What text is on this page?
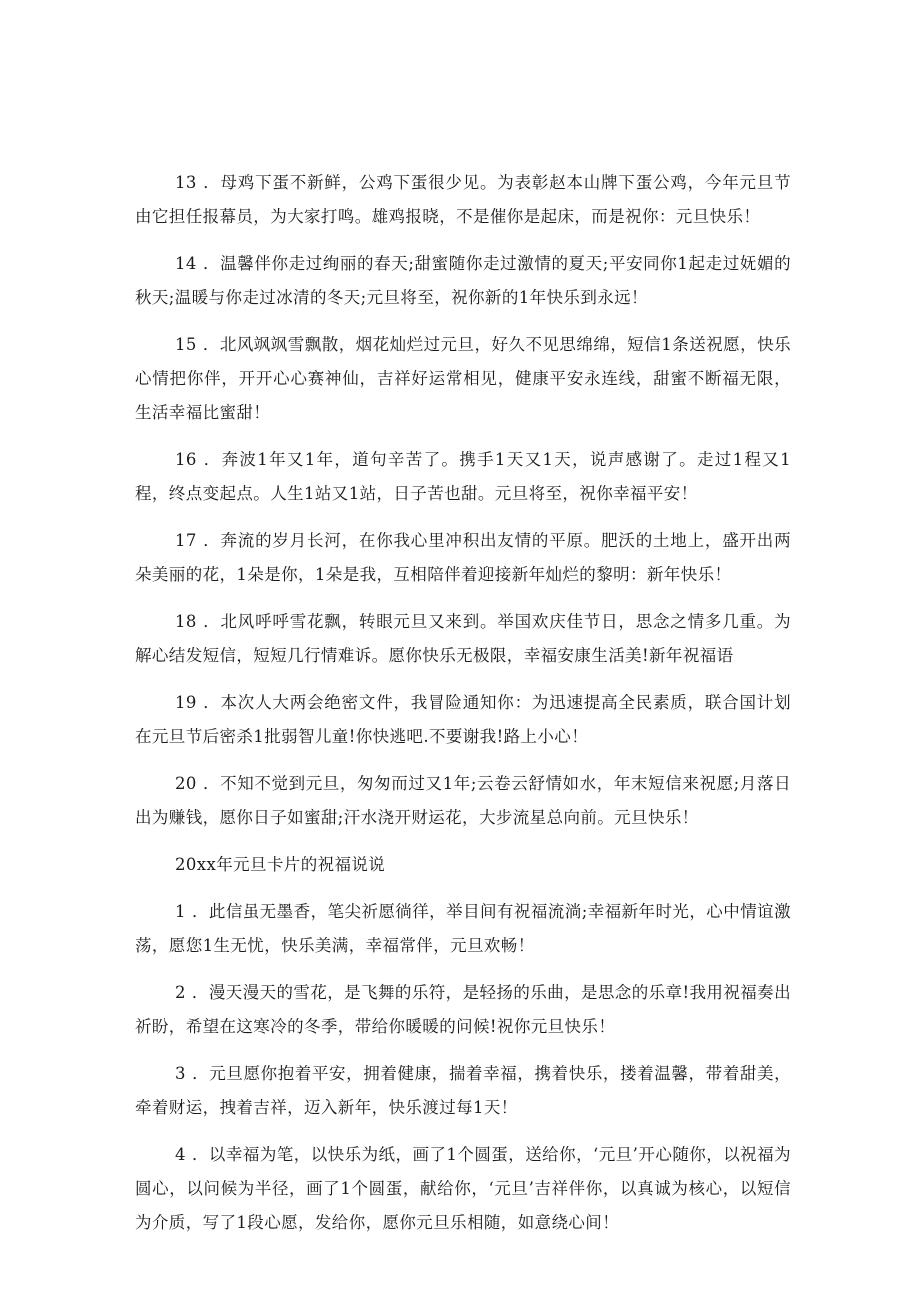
13 ．母鸡下蛋不新鲜，公鸡下蛋很少见。为表彰赵本山牌下蛋公鸡，今年元旦节由它担任报幕员，为大家打鸣。雄鸡报晓，不是催你是起床，而是祝你：元旦快乐！

14 ．温馨伴你走过绚丽的春天;甜蜜随你走过激情的夏天;平安同你1起走过妩媚的秋天;温暖与你走过冰清的冬天;元旦将至，祝你新的1年快乐到永远！

15 ．北风飒飒雪飘散，烟花灿烂过元旦，好久不见思绵绵，短信1条送祝愿，快乐心情把你伴，开开心心赛神仙，吉祥好运常相见，健康平安永连线，甜蜜不断福无限，生活幸福比蜜甜！

16 ．奔波1年又1年，道句辛苦了。携手1天又1天，说声感谢了。走过1程又1程，终点变起点。人生1站又1站，日子苦也甜。元旦将至，祝你幸福平安！

17 ．奔流的岁月长河，在你我心里冲积出友情的平原。肥沃的土地上，盛开出两朵美丽的花，1朵是你，1朵是我，互相陪伴着迎接新年灿烂的黎明：新年快乐！

18 ．北风呼呼雪花飘，转眼元旦又来到。举国欢庆佳节日，思念之情多几重。为解心结发短信，短短几行情难诉。愿你快乐无极限，幸福安康生活美!新年祝福语

19 ．本次人大两会绝密文件，我冒险通知你：为迅速提高全民素质，联合国计划在元旦节后密杀1批弱智儿童!你快逃吧.不要谢我!路上小心！

20 ．不知不觉到元旦，匆匆而过又1年;云卷云舒情如水，年末短信来祝愿;月落日出为赚钱，愿你日子如蜜甜;汗水浇开财运花，大步流星总向前。元旦快乐！

20xx年元旦卡片的祝福说说

1 ．此信虽无墨香，笔尖祈愿徜徉，举目间有祝福流淌;幸福新年时光，心中情谊激荡，愿您1生无忧，快乐美满，幸福常伴，元旦欢畅！

2 ．漫天漫天的雪花，是飞舞的乐符，是轻扬的乐曲，是思念的乐章!我用祝福奏出祈盼，希望在这寒冷的冬季，带给你暖暖的问候!祝你元旦快乐！

3 ．元旦愿你抱着平安，拥着健康，揣着幸福，携着快乐，搂着温馨，带着甜美，牵着财运，拽着吉祥，迈入新年，快乐渡过每1天！

4 ．以幸福为笔，以快乐为纸，画了1个圆蛋，送给你，‘元旦’开心随你，以祝福为圆心，以问候为半径，画了1个圆蛋，献给你，‘元旦’吉祥伴你，以真诚为核心，以短信为介质，写了1段心愿，发给你，愿你元旦乐相随，如意绕心间！
